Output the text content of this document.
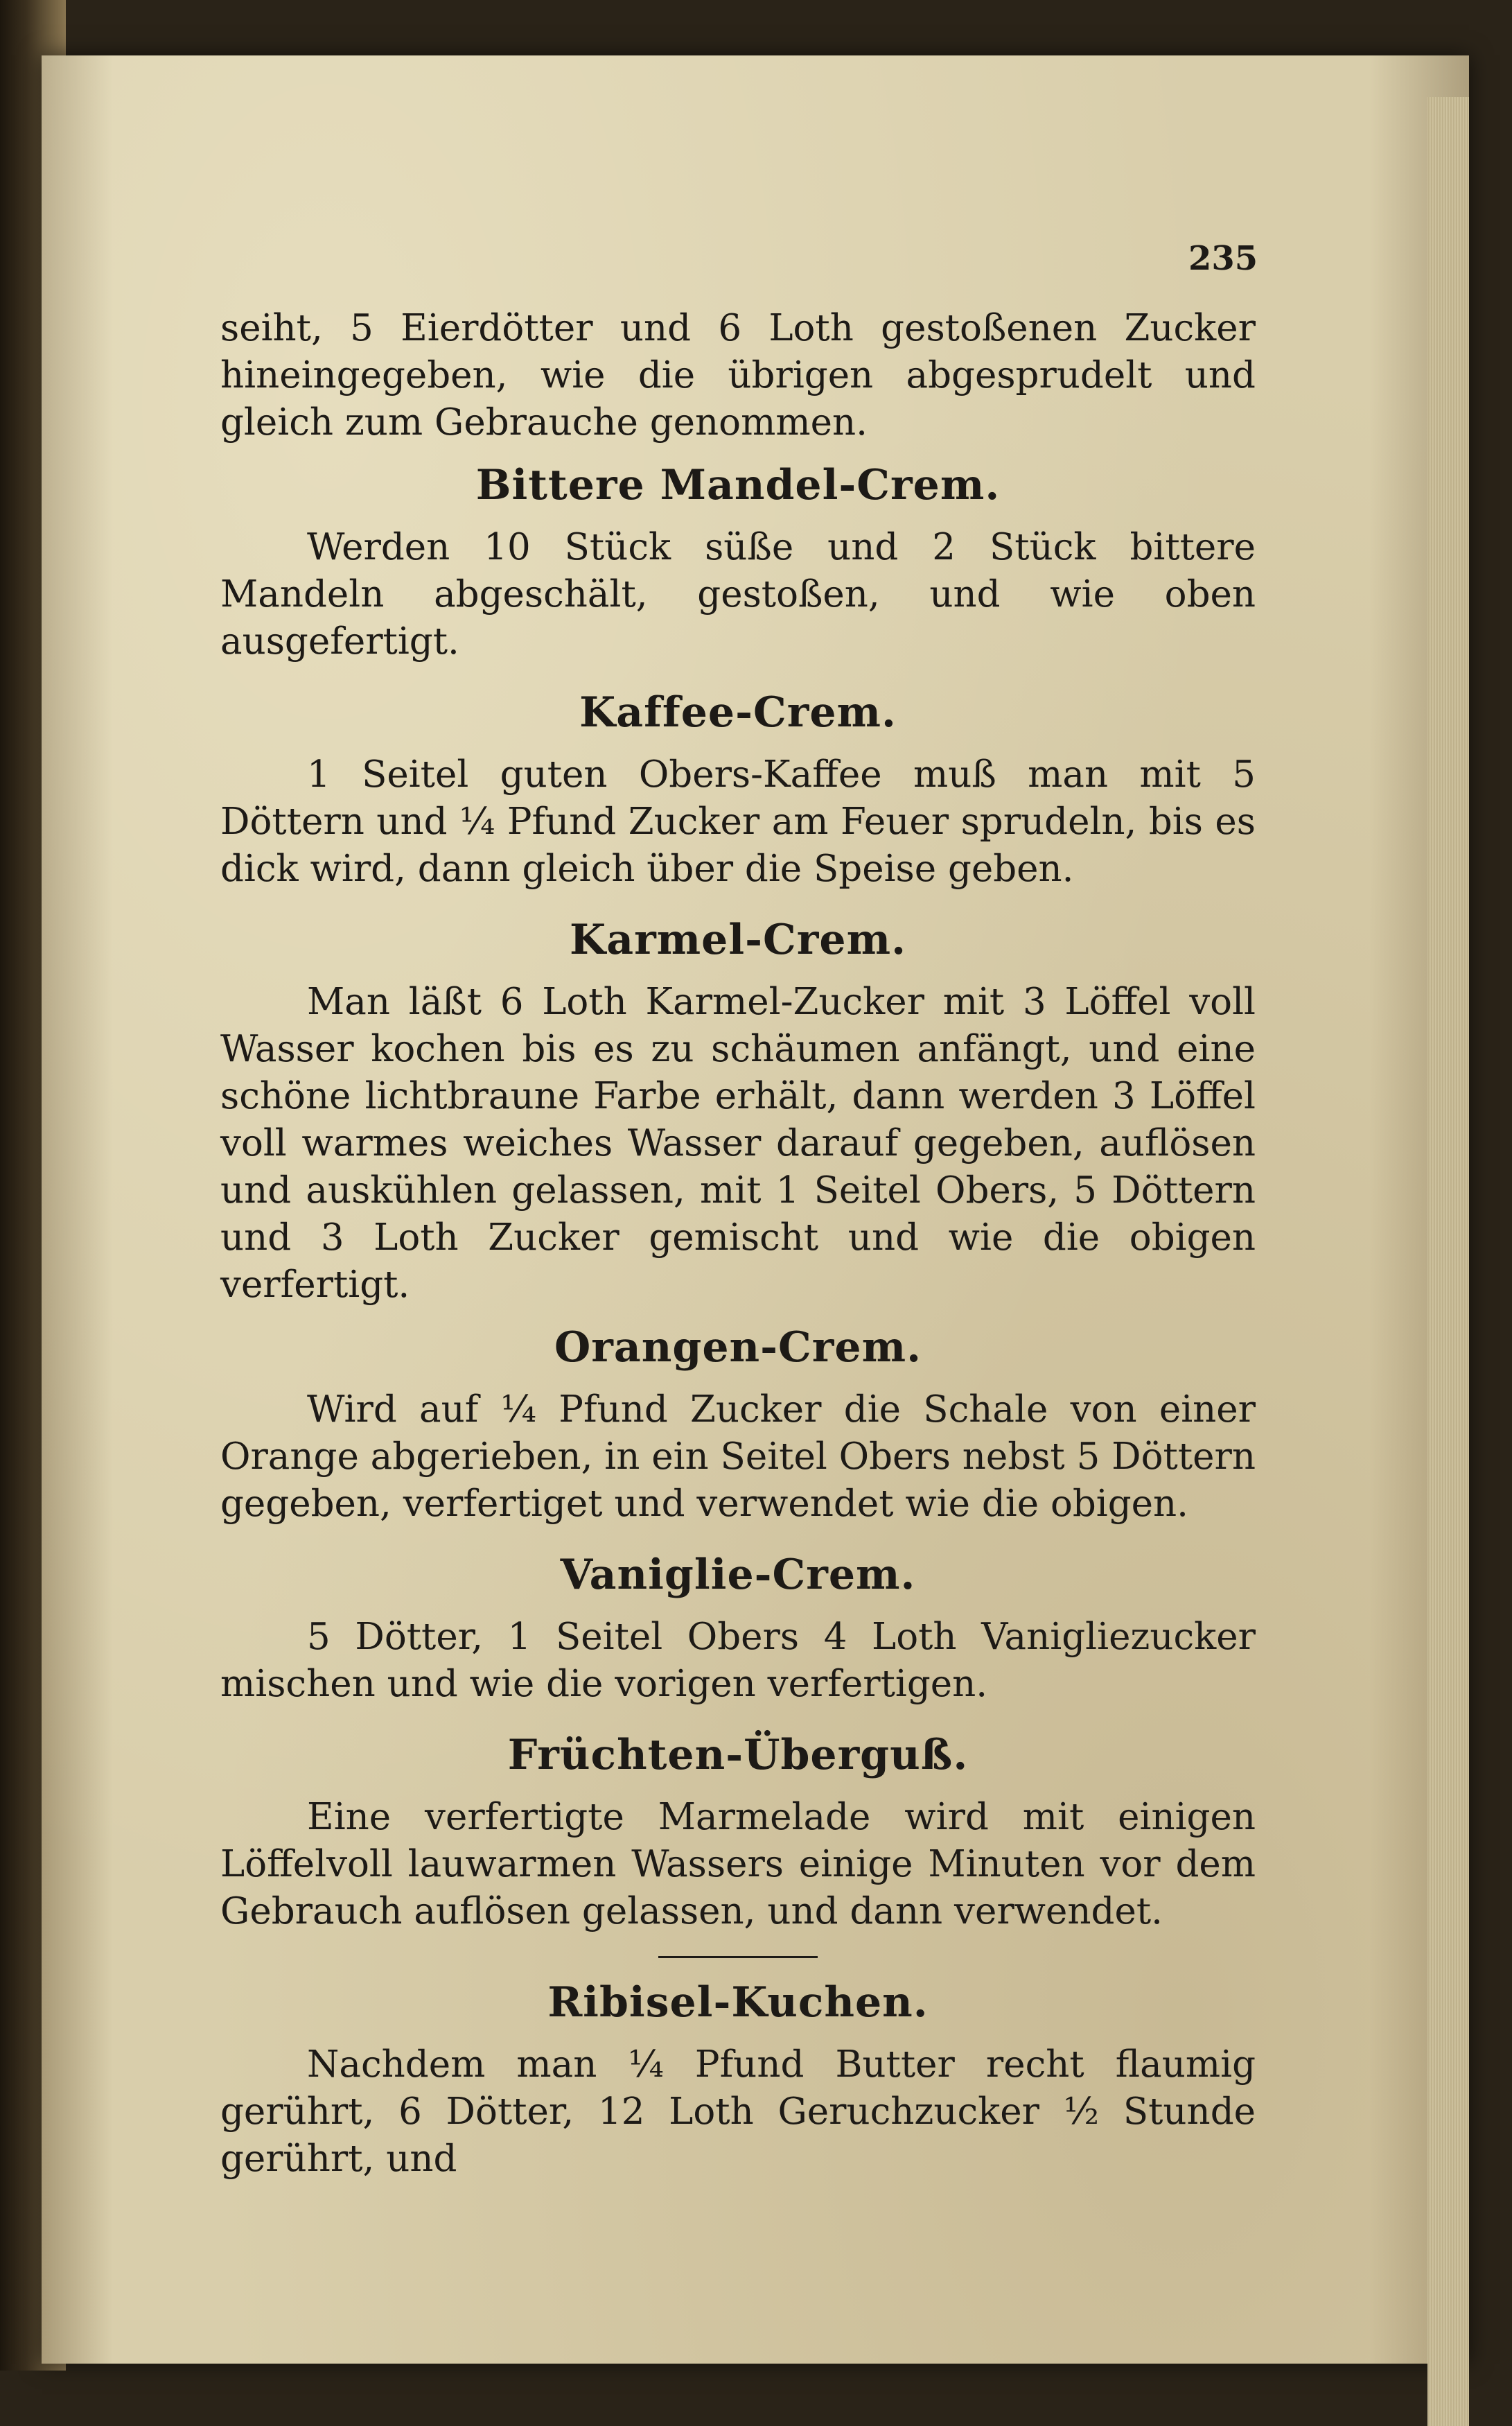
235

seiht, 5 Eierdötter und 6 Loth gestoßenen Zucker hineingegeben, wie die übrigen abgesprudelt und gleich zum Gebrauche genommen.

Bittere Mandel-Crem.

Werden 10 Stück süße und 2 Stück bittere Mandeln abgeschält, gestoßen, und wie oben ausgefertigt.

Kaffee-Crem.

1 Seitel guten Obers-Kaffee muß man mit 5 Döttern und ¼ Pfund Zucker am Feuer sprudeln, bis es dick wird, dann gleich über die Speise geben.

Karmel-Crem.

Man läßt 6 Loth Karmel-Zucker mit 3 Löffel voll Wasser kochen bis es zu schäumen anfängt, und eine schöne lichtbraune Farbe erhält, dann werden 3 Löffel voll warmes weiches Wasser darauf gegeben, auflösen und auskühlen gelassen, mit 1 Seitel Obers, 5 Döttern und 3 Loth Zucker gemischt und wie die obigen verfertigt.

Orangen-Crem.

Wird auf ¼ Pfund Zucker die Schale von einer Orange abgerieben, in ein Seitel Obers nebst 5 Döttern gegeben, verfertiget und verwendet wie die obigen.

Vaniglie-Crem.

5 Dötter, 1 Seitel Obers 4 Loth Vanigliezucker mischen und wie die vorigen verfertigen.

Früchten-Überguß.

Eine verfertigte Marmelade wird mit einigen Löffelvoll lauwarmen Wassers einige Minuten vor dem Gebrauch auflösen gelassen, und dann verwendet.

Ribisel-Kuchen.

Nachdem man ¼ Pfund Butter recht flaumig gerührt, 6 Dötter, 12 Loth Geruchzucker ½ Stunde gerührt, und
